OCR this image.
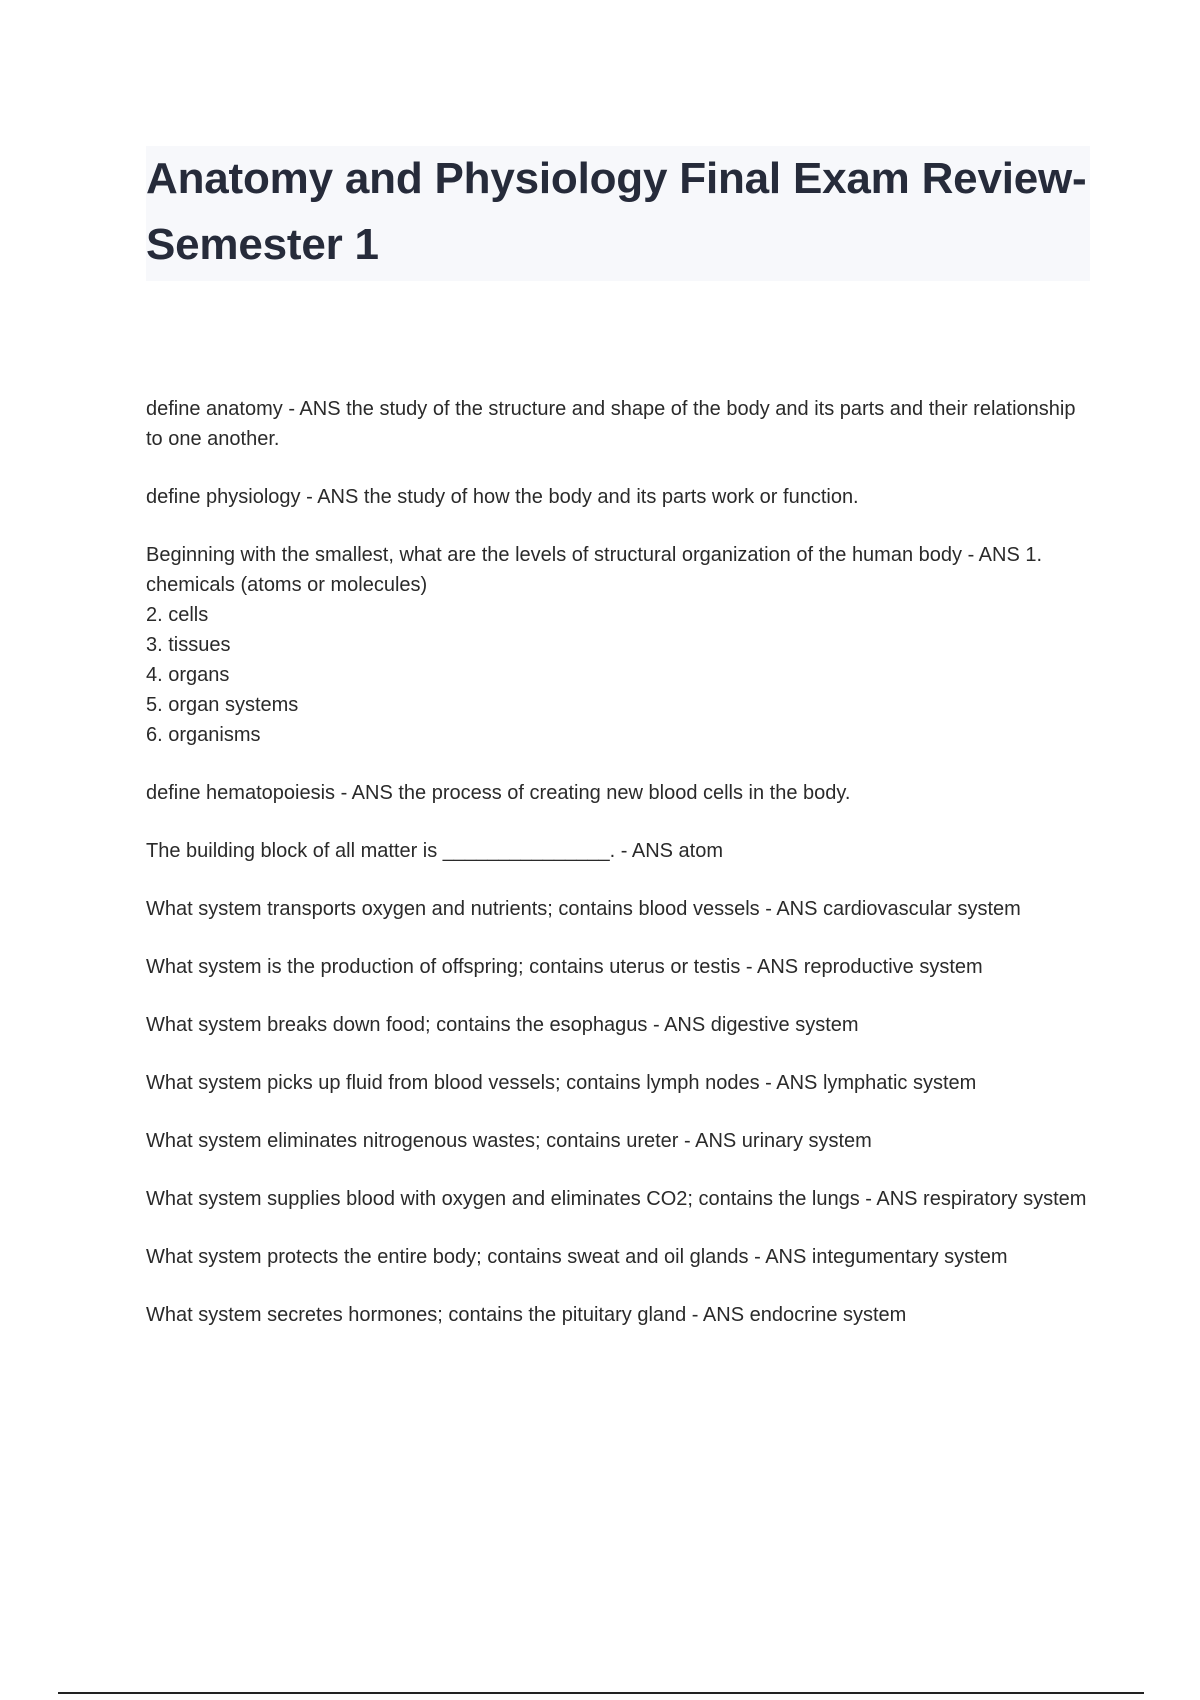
Anatomy and Physiology Final Exam Review- Semester 1

define anatomy - ANS the study of the structure and shape of the body and its parts and their relationship to one another.

define physiology - ANS the study of how the body and its parts work or function.

Beginning with the smallest, what are the levels of structural organization of the human body - ANS 1. chemicals (atoms or molecules)
2. cells
3. tissues
4. organs
5. organ systems
6. organisms

define hematopoiesis - ANS the process of creating new blood cells in the body.

The building block of all matter is _______________. - ANS atom

What system transports oxygen and nutrients; contains blood vessels - ANS cardiovascular system

What system is the production of offspring; contains uterus or testis - ANS reproductive system

What system breaks down food; contains the esophagus - ANS digestive system

What system picks up fluid from blood vessels; contains lymph nodes - ANS lymphatic system

What system eliminates nitrogenous wastes; contains ureter - ANS urinary system

What system supplies blood with oxygen and eliminates CO2; contains the lungs - ANS respiratory system

What system protects the entire body; contains sweat and oil glands - ANS integumentary system

What system secretes hormones; contains the pituitary gland - ANS endocrine system
